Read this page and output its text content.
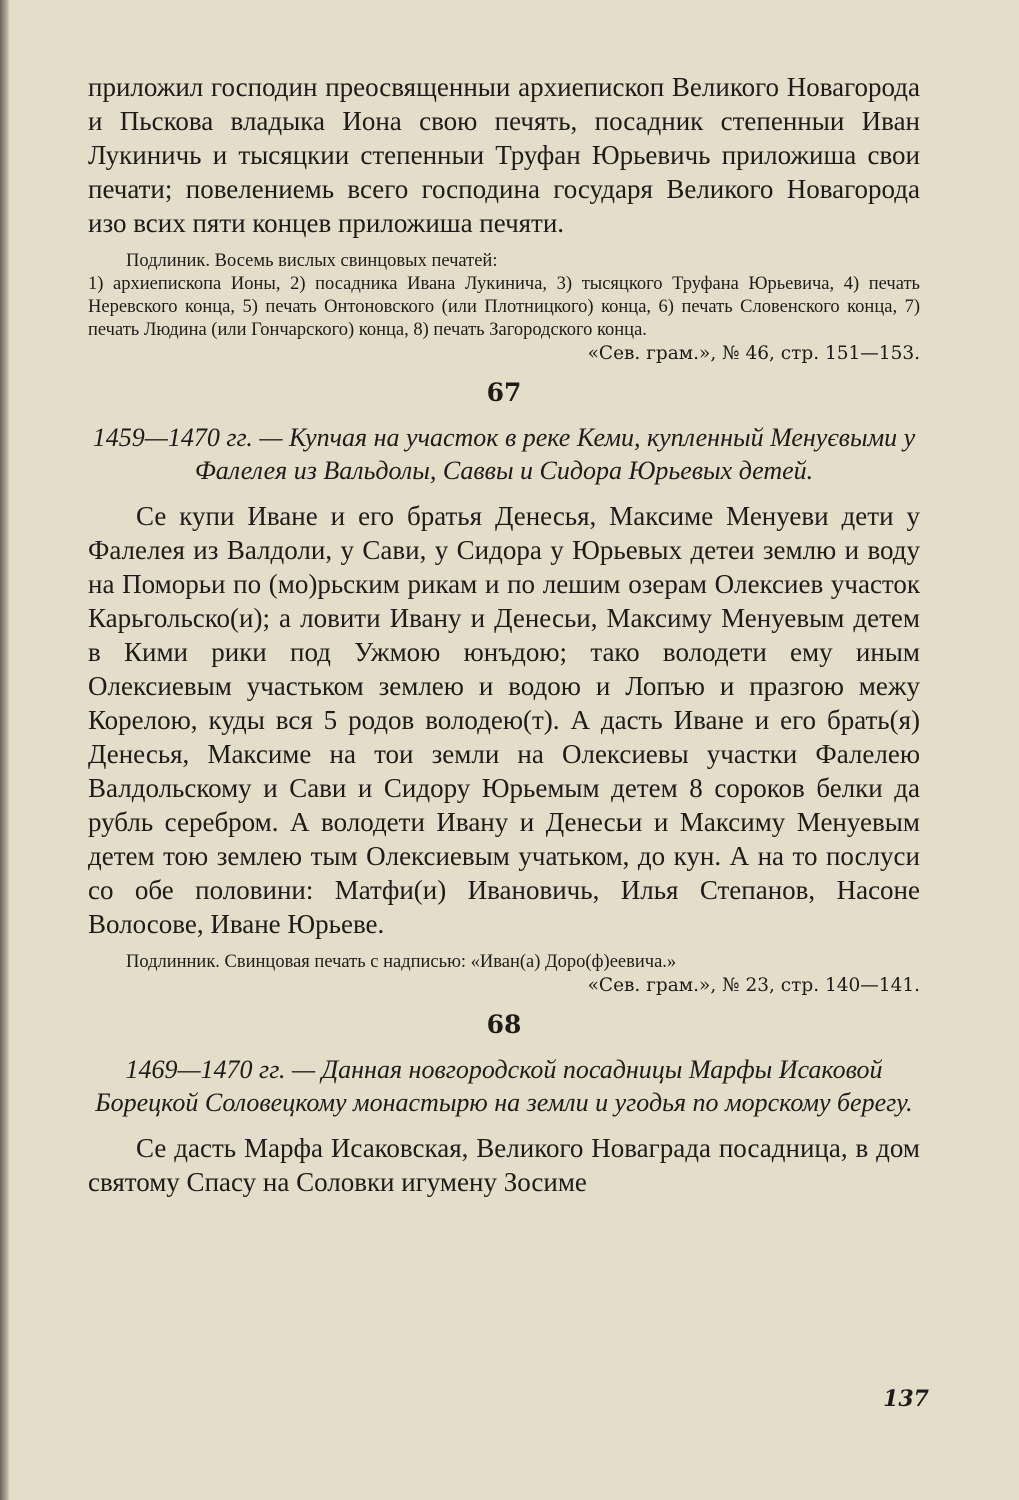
приложил господин преосвященныи архиепископ Великого Новагорода и Пьскова владыка Иона свою печять, посадник степенныи Иван Лукиничь и тысяцкии степенныи Труфан Юрьевичь приложиша свои печати; повелениемь всего господина государя Великого Новагорода изо всих пяти концев приложиша печяти.

Подлиник. Восемь вислых свинцовых печатей:

1) архиепископа Ионы, 2) посадника Ивана Лукинича, 3) тысяцкого Труфана Юрьевича, 4) печать Неревского конца, 5) печать Онтоновского (или Плотницкого) конца, 6) печать Словенского конца, 7) печать Людина (или Гончарского) конца, 8) печать Загородского конца.

«Сев. грам.», № 46, стр. 151—153.

67
1459—1470 гг. — Купчая на участок в реке Кеми, купленный Менуєвыми у Фалелея из Вальдолы, Саввы и Сидора Юрьевых детей.

Се купи Иване и его братья Денесья, Максиме Менуеви дети у Фалелея из Валдоли, у Сави, у Сидора у Юрьевых детеи землю и воду на Поморьи по (мо)рьским рикам и по лешим озерам Олексиев участок Карьгольско(и); а ловити Ивану и Денесьи, Максиму Менуевым детем в Кими рики под Ужмою юнъдою; тако володети ему иным Олексиевым участьком землею и водою и Лопъю и празгою межу Корелою, куды вся 5 родов володею(т). А дасть Иване и его брать(я) Денесья, Максиме на тои земли на Олексиевы участки Фалелею Валдольскому и Сави и Сидору Юрьемым детем 8 сороков белки да рубль серебром. А володети Ивану и Денесьи и Максиму Менуевым детем тою землею тым Олексиевым учатьком, до кун. А на то послуси со обе половини: Матфи(и) Ивановичь, Илья Степанов, Насоне Волосове, Иване Юрьеве.

Подлинник. Свинцовая печать с надписью: «Иван(а) Доро(ф)еевича.»

«Сев. грам.», № 23, стр. 140—141.

68
1469—1470 гг. — Данная новгородской посадницы Марфы Исаковой Борецкой Соловецкому монастырю на земли и угодья по морскому берегу.

Се дасть Марфа Исаковская, Великого Новаграда посадница, в дом святому Спасу на Соловки игумену Зосиме

137
